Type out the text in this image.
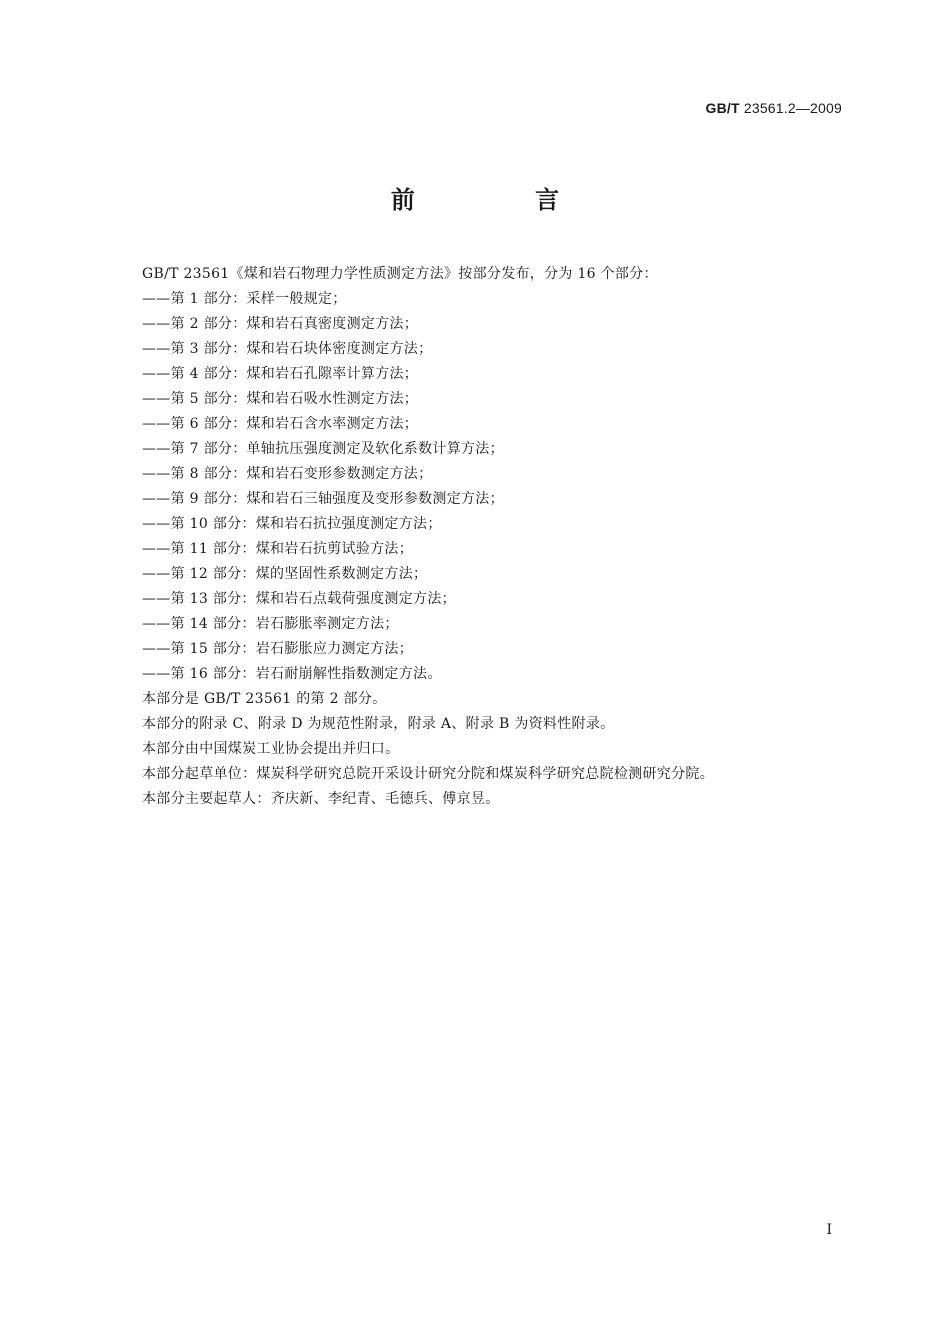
GB/T 23561.2—2009
前 言

GB/T 23561《煤和岩石物理力学性质测定方法》按部分发布，分为 16 个部分：

——第 1 部分：采样一般规定；
——第 2 部分：煤和岩石真密度测定方法；
——第 3 部分：煤和岩石块体密度测定方法；
——第 4 部分：煤和岩石孔隙率计算方法；
——第 5 部分：煤和岩石吸水性测定方法；
——第 6 部分：煤和岩石含水率测定方法；
——第 7 部分：单轴抗压强度测定及软化系数计算方法；
——第 8 部分：煤和岩石变形参数测定方法；
——第 9 部分：煤和岩石三轴强度及变形参数测定方法；
——第 10 部分：煤和岩石抗拉强度测定方法；
——第 11 部分：煤和岩石抗剪试验方法；
——第 12 部分：煤的坚固性系数测定方法；
——第 13 部分：煤和岩石点载荷强度测定方法；
——第 14 部分：岩石膨胀率测定方法；
——第 15 部分：岩石膨胀应力测定方法；
——第 16 部分：岩石耐崩解性指数测定方法。

本部分是 GB/T 23561 的第 2 部分。

本部分的附录 C、附录 D 为规范性附录，附录 A、附录 B 为资料性附录。

本部分由中国煤炭工业协会提出并归口。

本部分起草单位：煤炭科学研究总院开采设计研究分院和煤炭科学研究总院检测研究分院。

本部分主要起草人：齐庆新、李纪青、毛德兵、傅京昱。

I
